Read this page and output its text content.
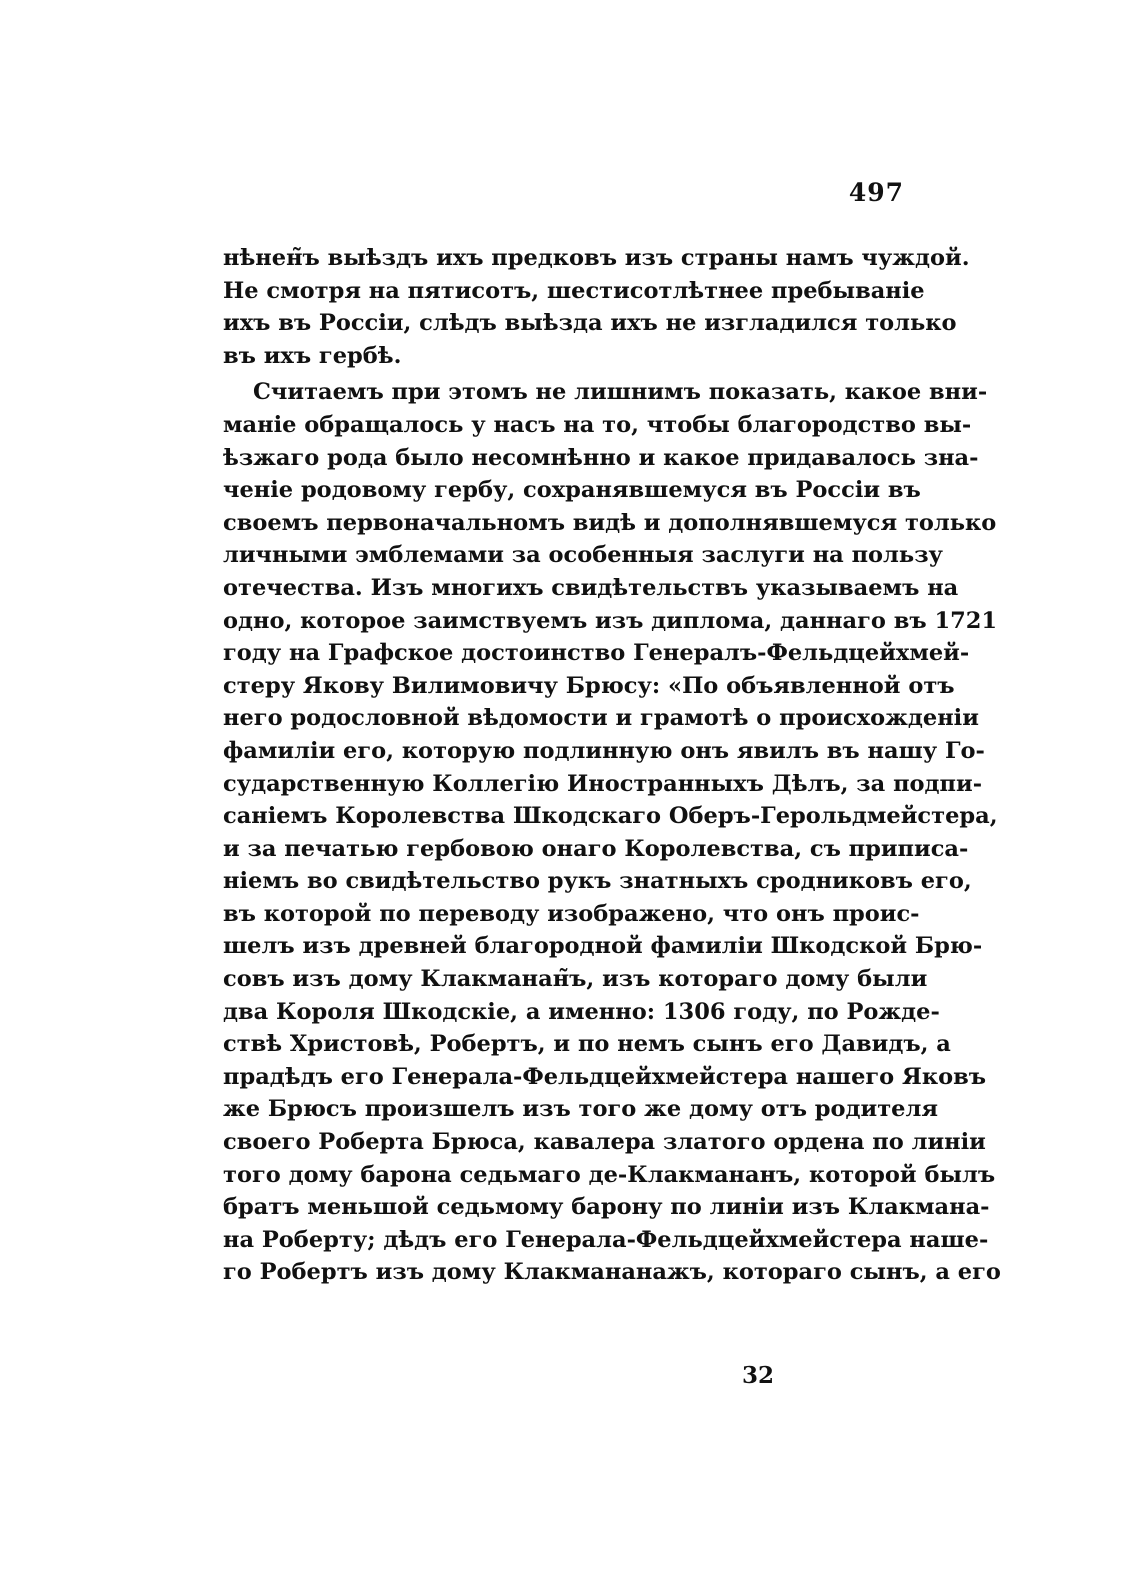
497
нѣнен̃ъ выѣздъ ихъ предковъ изъ страны намъ чуждой.
Не смотря на пятисотъ, шестисотлѣтнее пребываніе
ихъ въ Россіи, слѣдъ выѣзда ихъ не изгладился только
въ ихъ гербѣ.
Считаемъ при этомъ не лишнимъ показать, какое вни-
маніе обращалось у насъ на то, чтобы благородство вы-
ѣзжаго рода было несомнѣнно и какое придавалось зна-
ченіе родовому гербу, сохранявшемуся въ Россіи въ
своемъ первоначальномъ видѣ и дополнявшемуся только
личными эмблемами за особенныя заслуги на пользу
отечества. Изъ многихъ свидѣтельствъ указываемъ на
одно, которое заимствуемъ изъ диплома, даннаго въ 1721
году на Графское достоинство Генералъ-Фельдцейхмей-
стеру Якову Вилимовичу Брюсу: «По объявленной отъ
него родословной вѣдомости и грамотѣ о происхожденіи
фамиліи его, которую подлинную онъ явилъ въ нашу Го-
сударственную Коллегію Иностранныхъ Дѣлъ, за подпи-
саніемъ Королевства Шкодскаго Оберъ-Герольдмейстера,
и за печатью гербовою онаго Королевства, съ приписа-
ніемъ во свидѣтельство рукъ знатныхъ сродниковъ его,
въ которой по переводу изображено, что онъ проис-
шелъ изъ древней благородной фамиліи Шкодской Брю-
совъ изъ дому Клакманан̃ъ, изъ котораго дому были
два Короля Шкодскіе, а именно: 1306 году, по Рожде-
ствѣ Христовѣ, Робертъ, и по немъ сынъ его Давидъ, а
прадѣдъ его Генерала-Фельдцейхмейстера нашего Яковъ
же Брюсъ произшелъ изъ того же дому отъ родителя
своего Роберта Брюса, кавалера златого ордена по линіи
того дому барона седьмаго де-Клакмананъ, которой былъ
братъ меньшой седьмому барону по линіи изъ Клакмана-
на Роберту; дѣдъ его Генерала-Фельдцейхмейстера наше-
го Робертъ изъ дому Клакмананажъ, котораго сынъ, а его
32
